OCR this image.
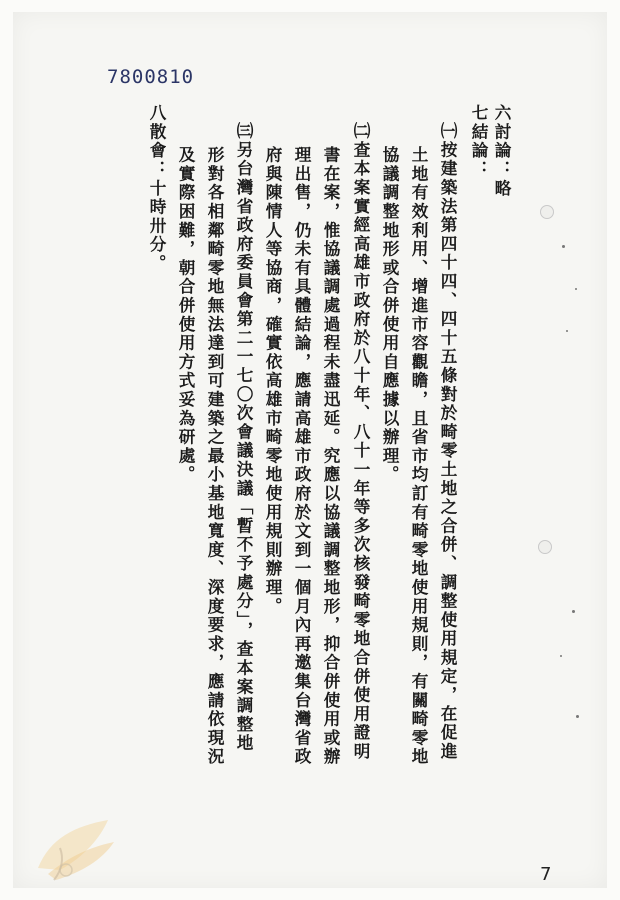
7800810
六討論：略
七結論：
㈠按建築法第四十四、四十五條對於畸零土地之合併、調整使用規定，在促進
土地有效利用、增進市容觀瞻，且省市均訂有畸零地使用規則，有關畸零地
協議調整地形或合併使用自應據以辦理。
㈡查本案實經高雄市政府於八十年、八十一年等多次核發畸零地合併使用證明
書在案，惟協議調處過程未盡迅延。究應以協議調整地形，抑合併使用或辦
理出售，仍未有具體結論，應請高雄市政府於文到一個月內再邀集台灣省政
府與陳情人等協商，確實依高雄市畸零地使用規則辦理。
㈢另台灣省政府委員會第二一七〇次會議決議「暫不予處分」，查本案調整地
形對各相鄰畸零地無法達到可建築之最小基地寬度、深度要求，應請依現況
及實際困難，朝合併使用方式妥為研處。
八散會：十時卅分。
7
